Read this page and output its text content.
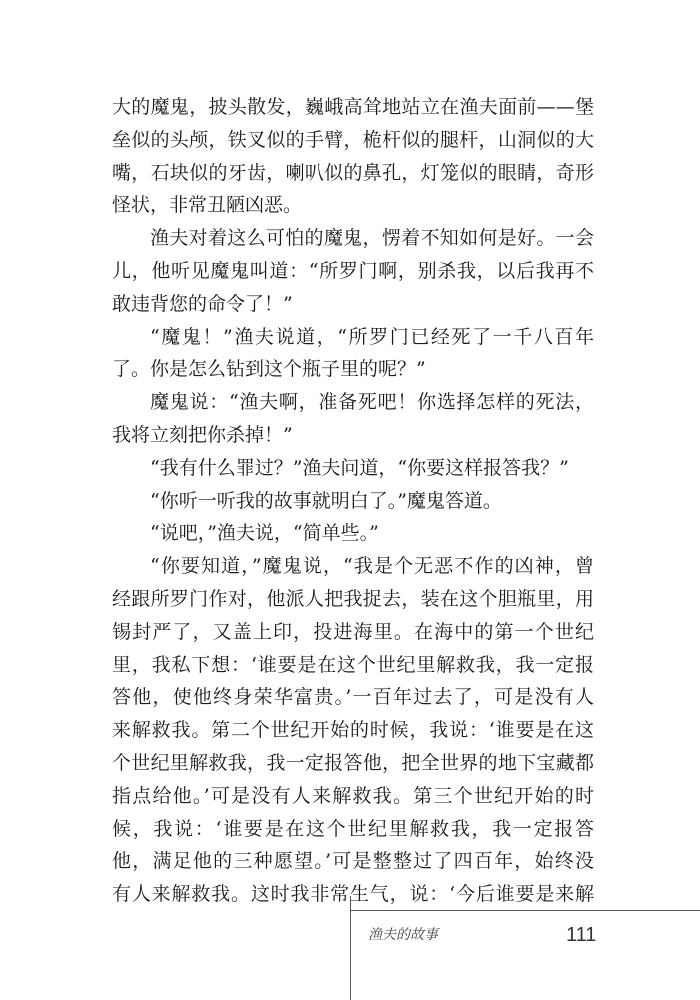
大的魔鬼，披头散发，巍峨高耸地站立在渔夫面前——堡
垒似的头颅，铁叉似的手臂，桅杆似的腿杆，山洞似的大
嘴，石块似的牙齿，喇叭似的鼻孔，灯笼似的眼睛，奇形
怪状，非常丑陋凶恶。
渔夫对着这么可怕的魔鬼，愣着不知如何是好。一会
儿，他听见魔鬼叫道：“所罗门啊，别杀我，以后我再不
敢违背您的命令了！”
“魔鬼！”渔夫说道，“所罗门已经死了一千八百年
了。你是怎么钻到这个瓶子里的呢？”
魔鬼说：“渔夫啊，准备死吧！你选择怎样的死法，
我将立刻把你杀掉！”
“我有什么罪过？”渔夫问道，“你要这样报答我？”
“你听一听我的故事就明白了。”魔鬼答道。
“说吧，”渔夫说，“简单些。”
“你要知道，”魔鬼说，“我是个无恶不作的凶神，曾
经跟所罗门作对，他派人把我捉去，装在这个胆瓶里，用
锡封严了，又盖上印，投进海里。在海中的第一个世纪
里，我私下想：‘谁要是在这个世纪里解救我，我一定报
答他，使他终身荣华富贵。’一百年过去了，可是没有人
来解救我。第二个世纪开始的时候，我说：‘谁要是在这
个世纪里解救我，我一定报答他，把全世界的地下宝藏都
指点给他。’可是没有人来解救我。第三个世纪开始的时
候，我说：‘谁要是在这个世纪里解救我，我一定报答
他，满足他的三种愿望。’可是整整过了四百年，始终没
有人来解救我。这时我非常生气，说：‘今后谁要是来解
渔夫的故事	111
